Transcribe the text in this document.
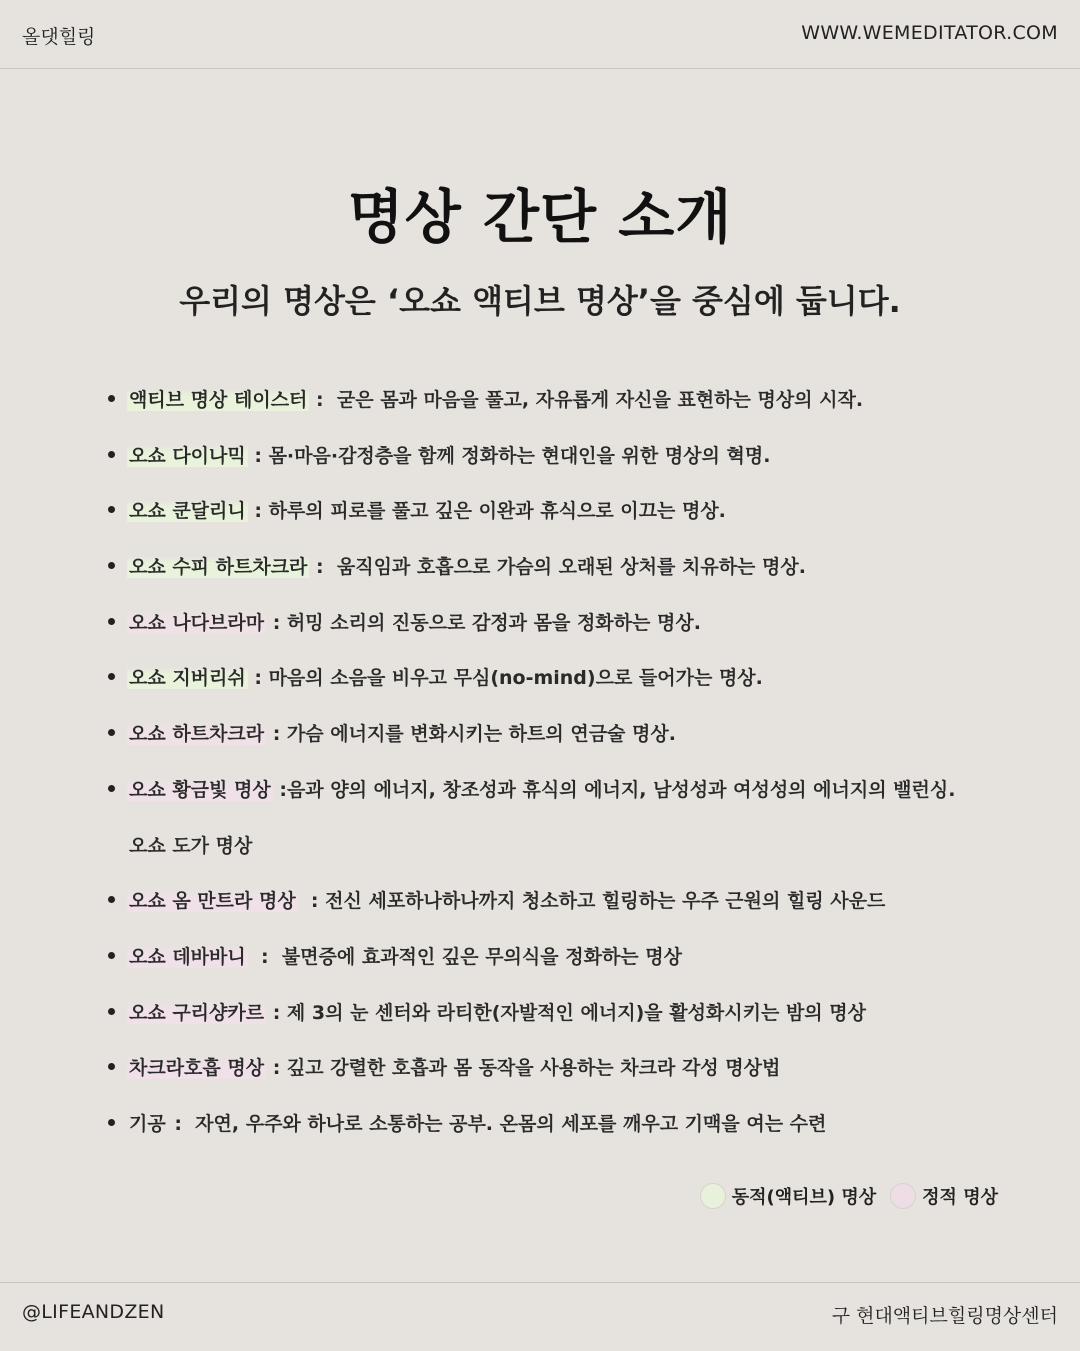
올댓힐링	WWW.WEMEDITATOR.COM
명상 간단 소개
우리의 명상은 ‘오쇼 액티브 명상’을 중심에 둡니다.
액티브 명상 테이스터 :  굳은 몸과 마음을 풀고, 자유롭게 자신을 표현하는 명상의 시작.
오쇼 다이나믹 : 몸·마음·감정층을 함께 정화하는 현대인을 위한 명상의 혁명.
오쇼 쿤달리니 : 하루의 피로를 풀고 깊은 이완과 휴식으로 이끄는 명상.
오쇼 수피 하트차크라 :  움직임과 호흡으로 가슴의 오래된 상처를 치유하는 명상.
오쇼 나다브라마 : 허밍 소리의 진동으로 감정과 몸을 정화하는 명상.
오쇼 지버리쉬 : 마음의 소음을 비우고 무심(no-mind)으로 들어가는 명상.
오쇼 하트차크라 : 가슴 에너지를 변화시키는 하트의 연금술 명상.
오쇼 황금빛 명상 :음과 양의 에너지, 창조성과 휴식의 에너지, 남성성과 여성성의 에너지의 밸런싱.
오쇼 도가 명상
오쇼 옴 만트라 명상  : 전신 세포하나하나까지 청소하고 힐링하는 우주 근원의 힐링 사운드
오쇼 데바바니  :  불면증에 효과적인 깊은 무의식을 정화하는 명상
오쇼 구리샹카르 : 제 3의 눈 센터와 라티한(자발적인 에너지)을 활성화시키는 밤의 명상
차크라호흡 명상 : 깊고 강렬한 호흡과 몸 동작을 사용하는 차크라 각성 명상법
기공 :  자연, 우주와 하나로 소통하는 공부. 온몸의 세포를 깨우고 기맥을 여는 수련
동적(액티브) 명상	정적 명상
@LIFEANDZEN	구 현대액티브힐링명상센터
